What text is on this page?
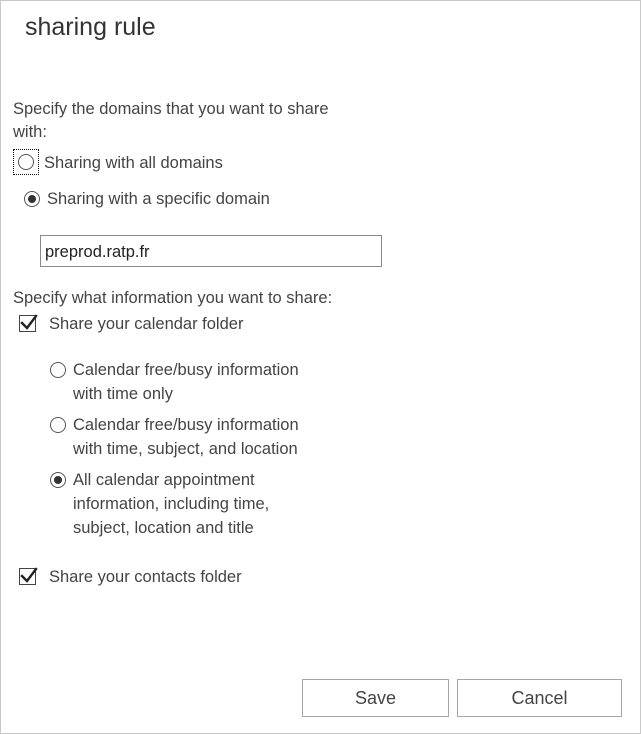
sharing rule
Specify the domains that you want to share
with:
Sharing with all domains
Sharing with a specific domain
preprod.ratp.fr
Specify what information you want to share:
Share your calendar folder
Calendar free/busy information
with time only
Calendar free/busy information
with time, subject, and location
All calendar appointment
information, including time,
subject, location and title
Share your contacts folder
Save	Cancel
